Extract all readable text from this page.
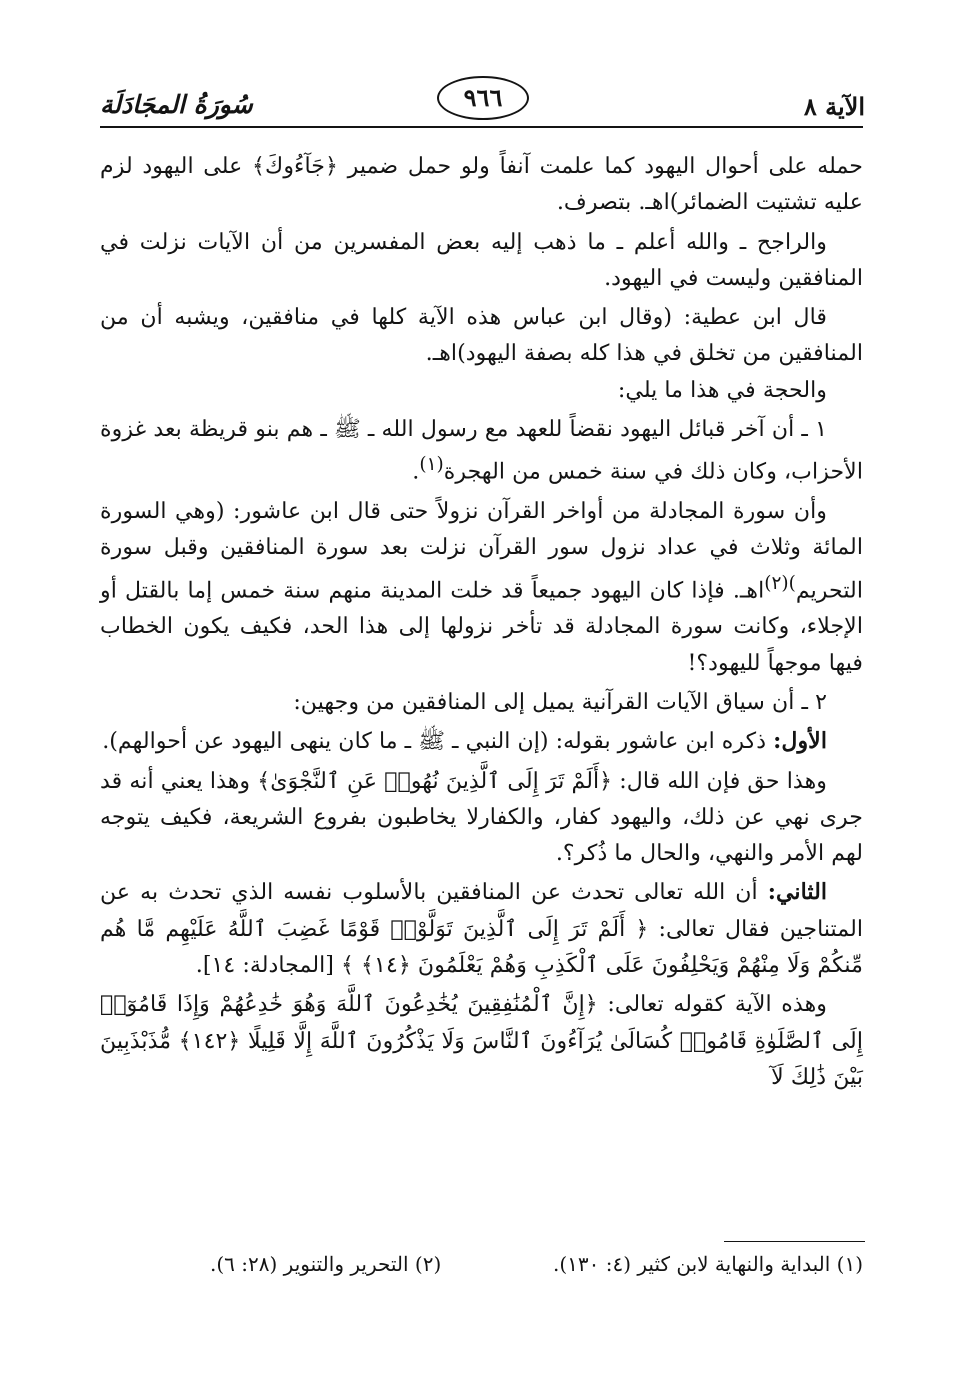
الآية ٨
٩٦٦
سُورَةُ المجَادَلَة

حمله على أحوال اليهود كما علمت آنفاً ولو حمل ضمير ﴿جَآءُوكَ﴾ على اليهود لزم عليه تشتيت الضمائر)اهـ. بتصرف.

والراجح ـ والله أعلم ـ ما ذهب إليه بعض المفسرين من أن الآيات نزلت في المنافقين وليست في اليهود.

قال ابن عطية: (وقال ابن عباس هذه الآية كلها في منافقين، ويشبه أن من المنافقين من تخلق في هذا كله بصفة اليهود)اهـ.

والحجة في هذا ما يلي:

١ ـ أن آخر قبائل اليهود نقضاً للعهد مع رسول الله ـ ﷺ ـ هم بنو قريظة بعد غزوة الأحزاب، وكان ذلك في سنة خمس من الهجرة$^{(١)}$.

وأن سورة المجادلة من أواخر القرآن نزولاً حتى قال ابن عاشور: (وهي السورة المائة وثلاث في عداد نزول سور القرآن نزلت بعد سورة المنافقين وقبل سورة التحريم$^{)(٢)}$اهـ. فإذا كان اليهود جميعاً قد خلت المدينة منهم سنة خمس إما بالقتل أو الإجلاء، وكانت سورة المجادلة قد تأخر نزولها إلى هذا الحد، فكيف يكون الخطاب فيها موجهاً لليهود؟!

٢ ـ أن سياق الآيات القرآنية يميل إلى المنافقين من وجهين:

الأول: ذكره ابن عاشور بقوله: (إن النبي ـ ﷺ ـ ما كان ينهى اليهود عن أحوالهم).

وهذا حق فإن الله قال: ﴿أَلَمْ تَرَ إِلَى ٱلَّذِينَ نُهُوا۟ عَنِ ٱلنَّجْوَىٰ﴾ وهذا يعني أنه قد جرى نهي عن ذلك، واليهود كفار، والكفارلا يخاطبون بفروع الشريعة، فكيف يتوجه لهم الأمر والنهي، والحال ما ذُكر؟.

الثاني: أن الله تعالى تحدث عن المنافقين بالأسلوب نفسه الذي تحدث به عن المتناجين فقال تعالى: ﴿ أَلَمْ تَرَ إِلَى ٱلَّذِينَ تَوَلَّوْا۟ قَوْمًا غَضِبَ ٱللَّهُ عَلَيْهِم مَّا هُم مِّنكُمْ وَلَا مِنْهُمْ وَيَحْلِفُونَ عَلَى ٱلْكَذِبِ وَهُمْ يَعْلَمُونَ ﴿١٤﴾ ﴾ [المجادلة: ١٤].

وهذه الآية كقوله تعالى: ﴿إِنَّ ٱلْمُنَٰفِقِينَ يُخَٰدِعُونَ ٱللَّهَ وَهُوَ خَٰدِعُهُمْ وَإِذَا قَامُوٓا۟ إِلَى ٱلصَّلَوٰةِ قَامُوا۟ كُسَالَىٰ يُرَآءُونَ ٱلنَّاسَ وَلَا يَذْكُرُونَ ٱللَّهَ إِلَّا قَلِيلًا ﴿١٤٢﴾ مُّذَبْذَبِينَ بَيْنَ ذَٰلِكَ لَآ

(١) البداية والنهاية لابن كثير (٤: ١٣٠).
(٢) التحرير والتنوير (٢٨: ٦).
